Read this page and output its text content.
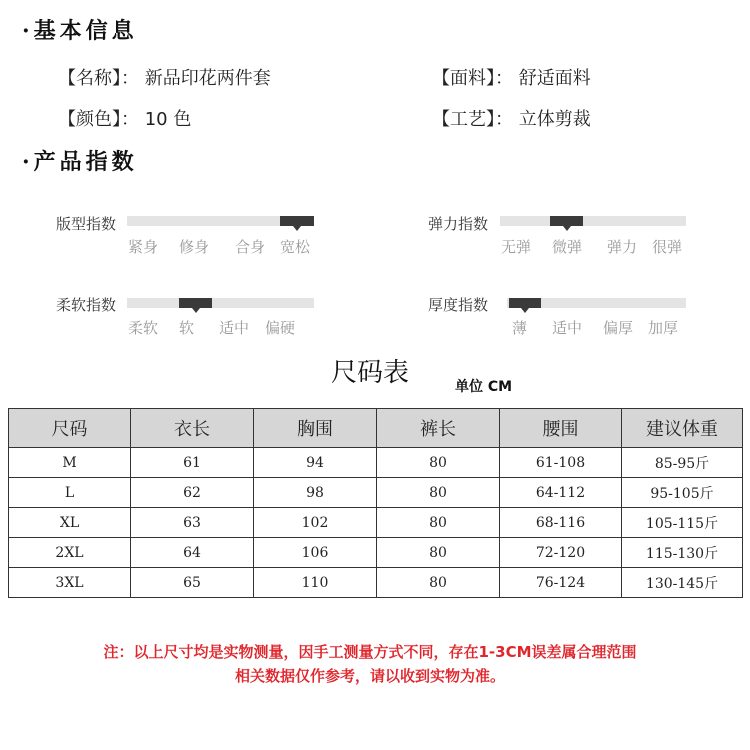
· 基本信息
【名称】： 新品印花两件套	【面料】： 舒适面料
【颜色】： 10 色	【工艺】： 立体剪裁
· 产品指数
版型指数
紧身 修身 合身 宽松
弹力指数
无弹 微弹 弹力 很弹
柔软指数
柔软 软 适中 偏硬
厚度指数
薄 适中 偏厚 加厚
尺码表	单位 CM
尺码	衣长	胸围	裤长	腰围	建议体重
M	61	94	80	61-108	85-95斤
L	62	98	80	64-112	95-105斤
XL	63	102	80	68-116	105-115斤
2XL	64	106	80	72-120	115-130斤
3XL	65	110	80	76-124	130-145斤
注：以上尺寸均是实物测量，因手工测量方式不同，存在1-3CM误差属合理范围
相关数据仅作参考，请以收到实物为准。
